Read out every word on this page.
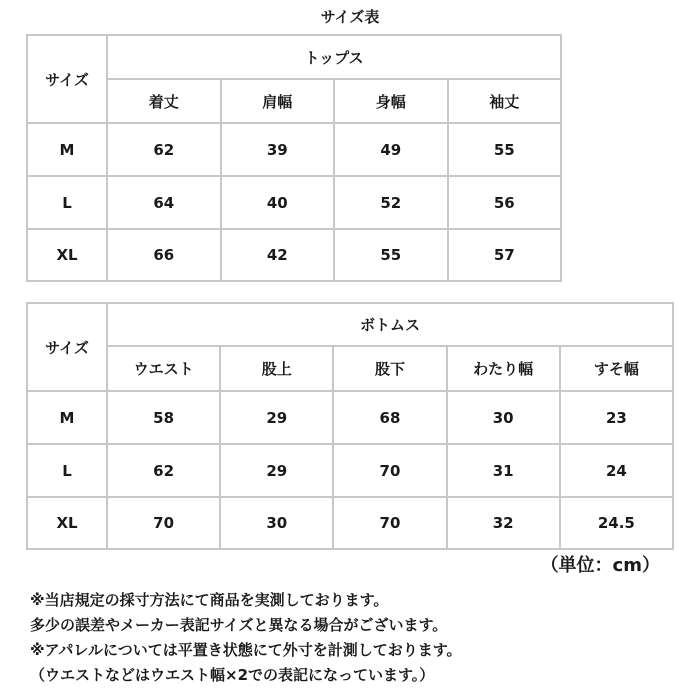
サイズ表
サイズ	トップス			
	着丈	肩幅	身幅	袖丈
M	62	39	49	55
L	64	40	52	56
XL	66	42	55	57
サイズ	ボトムス				
	ウエスト	股上	股下	わたり幅	すそ幅
M	58	29	68	30	23
L	62	29	70	31	24
XL	70	30	70	32	24.5
（単位：cm）
※当店規定の採寸方法にて商品を実測しております。
多少の誤差やメーカー表記サイズと異なる場合がございます。
※アパレルについては平置き状態にて外寸を計測しております。
（ウエストなどはウエスト幅×2での表記になっています。）
